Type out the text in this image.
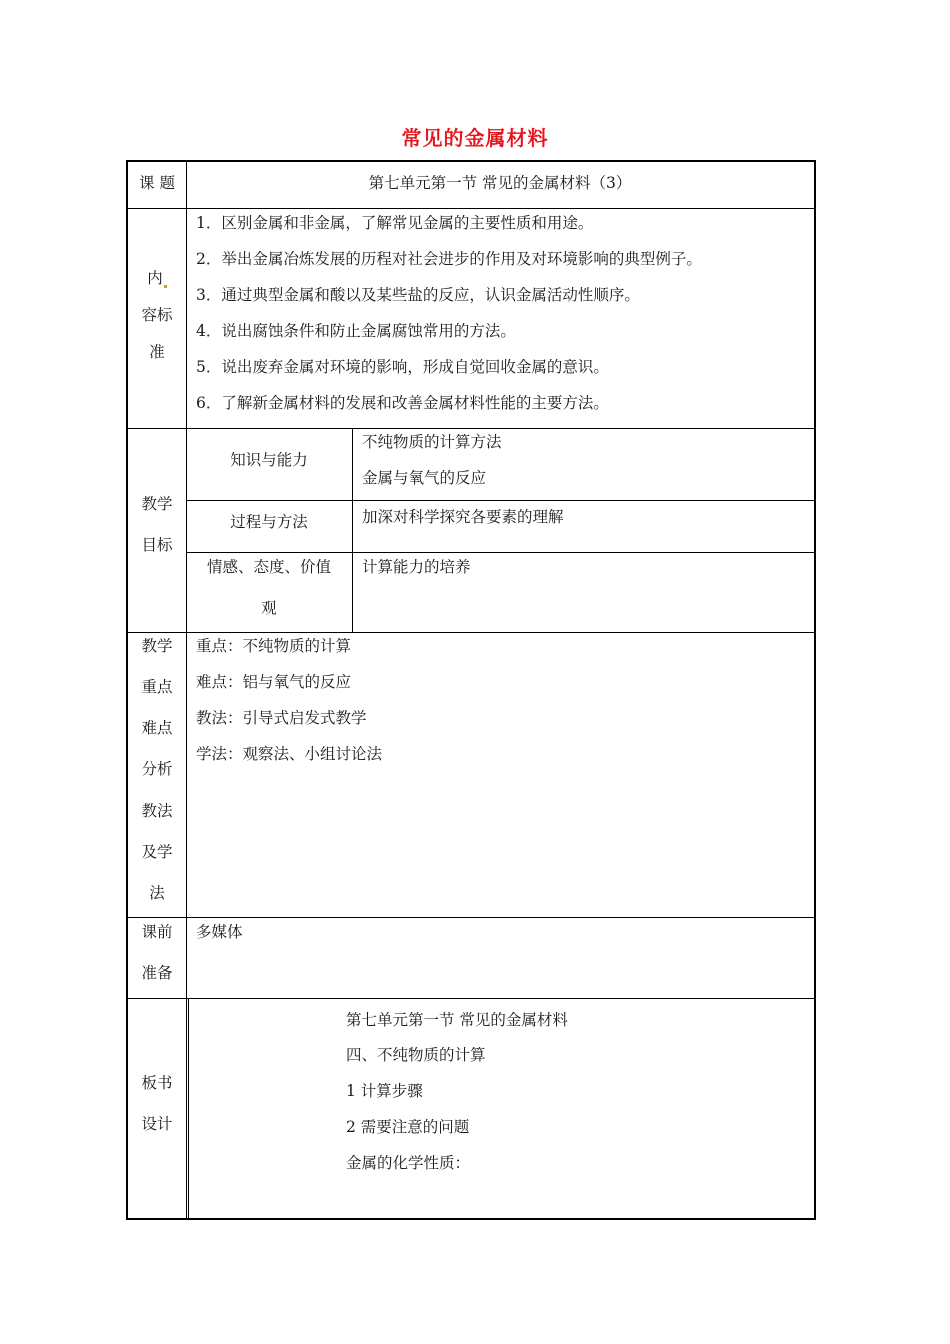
常见的金属材料
课 题	第七单元第一节 常见的金属材料（3）
内
容标
准
1．区别金属和非金属，了解常见金属的主要性质和用途。
2．举出金属冶炼发展的历程对社会进步的作用及对环境影响的典型例子。
3．通过典型金属和酸以及某些盐的反应，认识金属活动性顺序。
4．说出腐蚀条件和防止金属腐蚀常用的方法。
5．说出废弃金属对环境的影响，形成自觉回收金属的意识。
6．了解新金属材料的发展和改善金属材料性能的主要方法。
教学
目标
知识与能力
不纯物质的计算方法
金属与氧气的反应
过程与方法	加深对科学探究各要素的理解
情感、态度、价值
观
计算能力的培养
教学
重点
难点
分析
教法
及学
法
重点：不纯物质的计算
难点：铝与氧气的反应
教法：引导式启发式教学
学法：观察法、小组讨论法
课前
准备
多媒体
板书
设计
第七单元第一节 常见的金属材料
四、不纯物质的计算
1 计算步骤
2 需要注意的问题
金属的化学性质：
